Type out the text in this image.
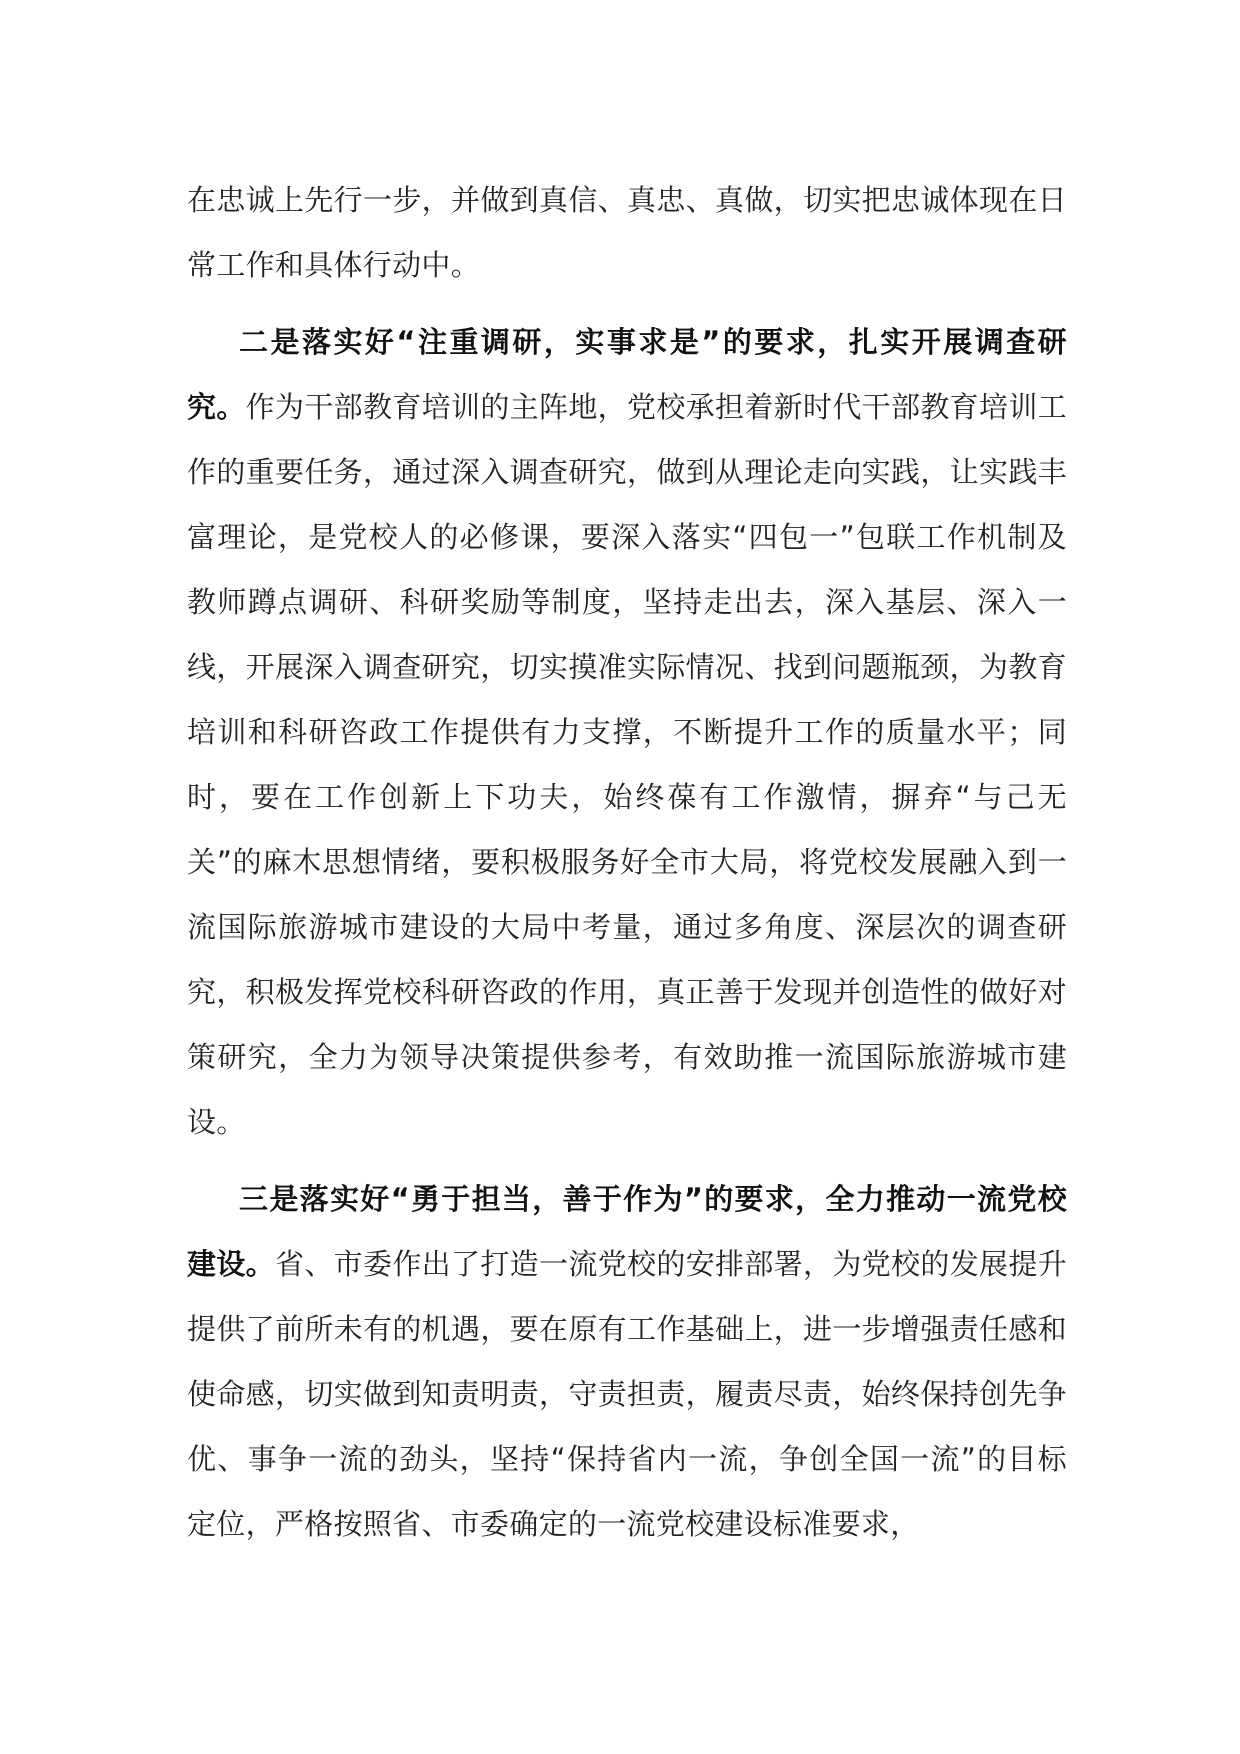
在忠诚上先行一步，并做到真信、真忠、真做，切实把忠诚体现在日常工作和具体行动中。

二是落实好“注重调研，实事求是”的要求，扎实开展调查研究。作为干部教育培训的主阵地，党校承担着新时代干部教育培训工作的重要任务，通过深入调查研究，做到从理论走向实践，让实践丰富理论，是党校人的必修课，要深入落实“四包一”包联工作机制及教师蹲点调研、科研奖励等制度，坚持走出去，深入基层、深入一线，开展深入调查研究，切实摸准实际情况、找到问题瓶颈，为教育培训和科研咨政工作提供有力支撑，不断提升工作的质量水平；同时，要在工作创新上下功夫，始终葆有工作激情，摒弃“与己无关”的麻木思想情绪，要积极服务好全市大局，将党校发展融入到一流国际旅游城市建设的大局中考量，通过多角度、深层次的调查研究，积极发挥党校科研咨政的作用，真正善于发现并创造性的做好对策研究，全力为领导决策提供参考，有效助推一流国际旅游城市建设。

三是落实好“勇于担当，善于作为”的要求，全力推动一流党校建设。省、市委作出了打造一流党校的安排部署，为党校的发展提升提供了前所未有的机遇，要在原有工作基础上，进一步增强责任感和使命感，切实做到知责明责，守责担责，履责尽责，始终保持创先争优、事争一流的劲头，坚持“保持省内一流，争创全国一流”的目标定位，严格按照省、市委确定的一流党校建设标准要求，
